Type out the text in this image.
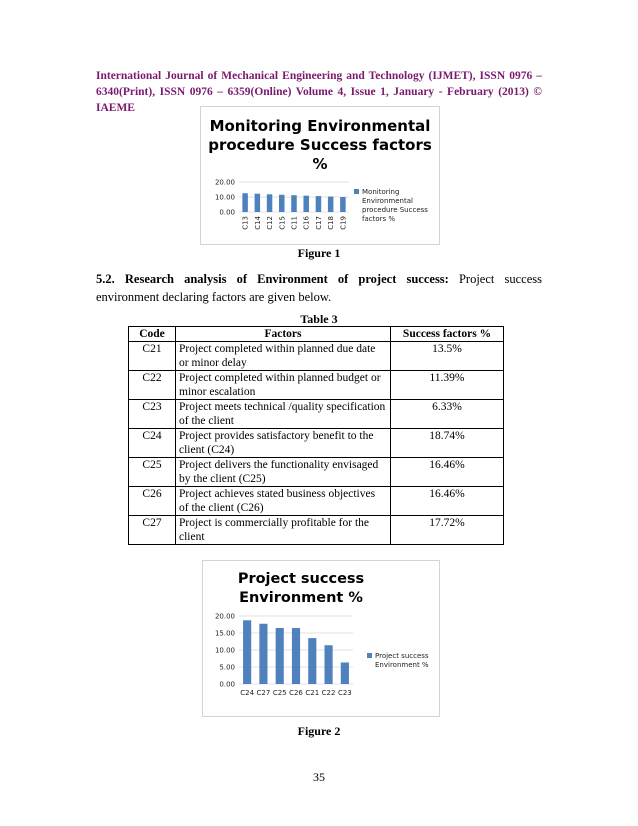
International Journal of Mechanical Engineering and Technology (IJMET), ISSN 0976 – 6340(Print), ISSN 0976 – 6359(Online) Volume 4, Issue 1, January - February (2013) © IAEME
Monitoring Environmental
procedure Success factors
%
0.00
10.00
20.00
C13 C14 C12 C15 C11 C16 C17 C18 C19
Monitoring
Environmental
procedure Success
factors %
Figure 1
5.2. Research analysis of Environment of project success: Project success environment declaring factors are given below.
Table 3
Code	Factors	Success factors %
C21	Project completed within planned due date or minor delay	13.5%
C22	Project completed within planned budget or minor escalation	11.39%
C23	Project meets technical /quality specification of the client	6.33%
C24	Project provides satisfactory benefit to the client (C24)	18.74%
C25	Project delivers the functionality envisaged by the client (C25)	16.46%
C26	Project achieves stated business objectives of the client (C26)	16.46%
C27	Project is commercially profitable for the client	17.72%
Project success
Environment %
0.00
5.00
10.00
15.00
20.00
C24 C27 C25 C26 C21 C22 C23
Project success
Environment %
Figure 2
35
